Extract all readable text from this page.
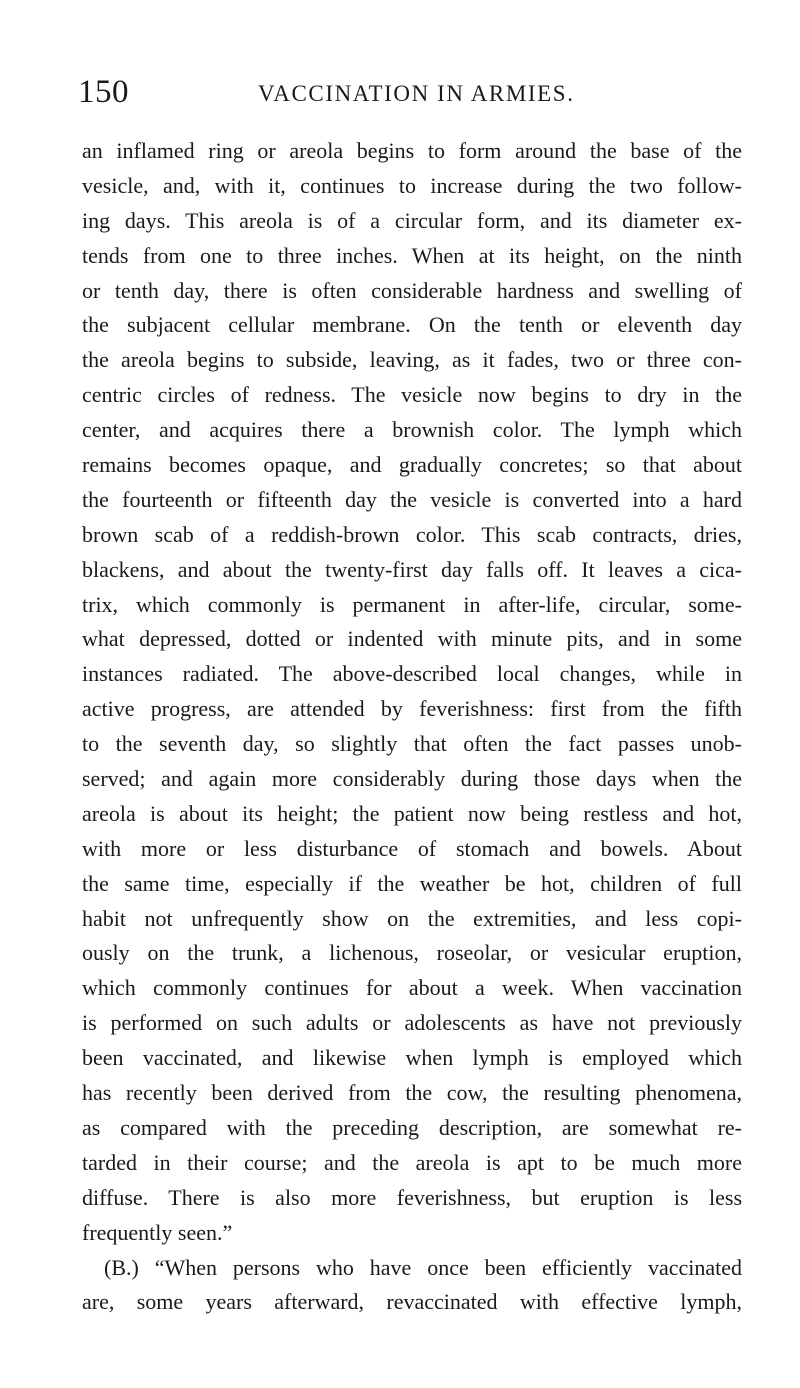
150	VACCINATION IN ARMIES.
an inflamed ring or areola begins to form around the base of the
vesicle, and, with it, continues to increase during the two follow-
ing days. This areola is of a circular form, and its diameter ex-
tends from one to three inches. When at its height, on the ninth
or tenth day, there is often considerable hardness and swelling of
the subjacent cellular membrane. On the tenth or eleventh day
the areola begins to subside, leaving, as it fades, two or three con-
centric circles of redness. The vesicle now begins to dry in the
center, and acquires there a brownish color. The lymph which
remains becomes opaque, and gradually concretes; so that about
the fourteenth or fifteenth day the vesicle is converted into a hard
brown scab of a reddish-brown color. This scab contracts, dries,
blackens, and about the twenty-first day falls off. It leaves a cica-
trix, which commonly is permanent in after-life, circular, some-
what depressed, dotted or indented with minute pits, and in some
instances radiated. The above-described local changes, while in
active progress, are attended by feverishness: first from the fifth
to the seventh day, so slightly that often the fact passes unob-
served; and again more considerably during those days when the
areola is about its height; the patient now being restless and hot,
with more or less disturbance of stomach and bowels. About
the same time, especially if the weather be hot, children of full
habit not unfrequently show on the extremities, and less copi-
ously on the trunk, a lichenous, roseolar, or vesicular eruption,
which commonly continues for about a week. When vaccination
is performed on such adults or adolescents as have not previously
been vaccinated, and likewise when lymph is employed which
has recently been derived from the cow, the resulting phenomena,
as compared with the preceding description, are somewhat re-
tarded in their course; and the areola is apt to be much more
diffuse. There is also more feverishness, but eruption is less
frequently seen.”
(B.) “When persons who have once been efficiently vaccinated
are, some years afterward, revaccinated with effective lymph,
